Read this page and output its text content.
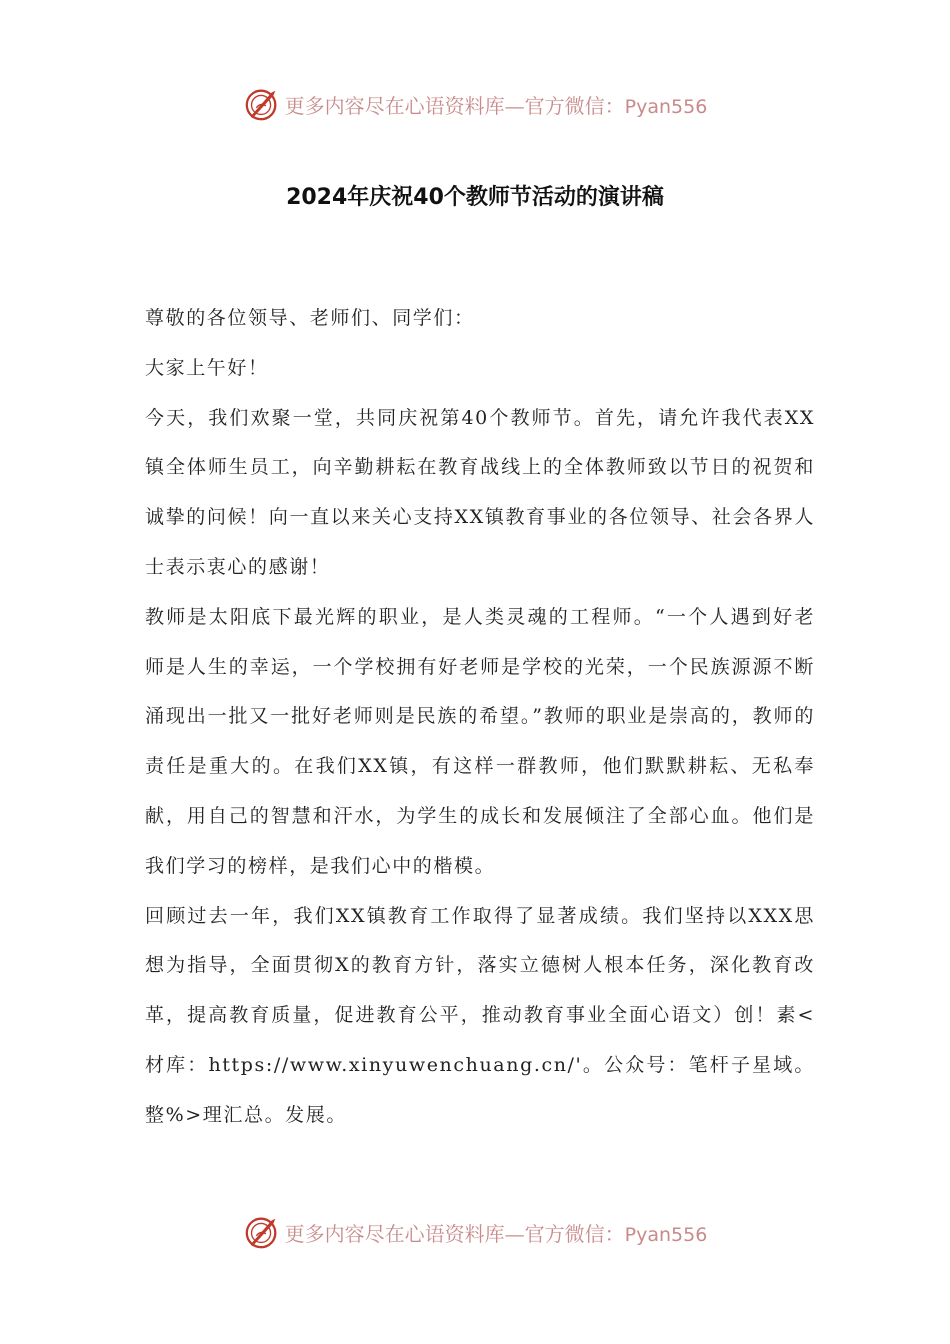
更多内容尽在心语资料库—官方微信：Pyan556
2024年庆祝40个教师节活动的演讲稿

尊敬的各位领导、老师们、同学们：

大家上午好！

今天，我们欢聚一堂，共同庆祝第40个教师节。首先，请允许我代表XX镇全体师生员工，向辛勤耕耘在教育战线上的全体教师致以节日的祝贺和诚挚的问候！向一直以来关心支持XX镇教育事业的各位领导、社会各界人士表示衷心的感谢！

教师是太阳底下最光辉的职业，是人类灵魂的工程师。“一个人遇到好老师是人生的幸运，一个学校拥有好老师是学校的光荣，一个民族源源不断涌现出一批又一批好老师则是民族的希望。”教师的职业是崇高的，教师的责任是重大的。在我们XX镇，有这样一群教师，他们默默耕耘、无私奉献，用自己的智慧和汗水，为学生的成长和发展倾注了全部心血。他们是我们学习的榜样，是我们心中的楷模。

回顾过去一年，我们XX镇教育工作取得了显著成绩。我们坚持以XXX思想为指导，全面贯彻X的教育方针，落实立德树人根本任务，深化教育改革，提高教育质量，促进教育公平，推动教育事业全面心语文）创！素<材库：https://www.xinyuwenchuang.cn/'。公众号：笔杆子星域。整%>理汇总。发展。

更多内容尽在心语资料库—官方微信：Pyan556
